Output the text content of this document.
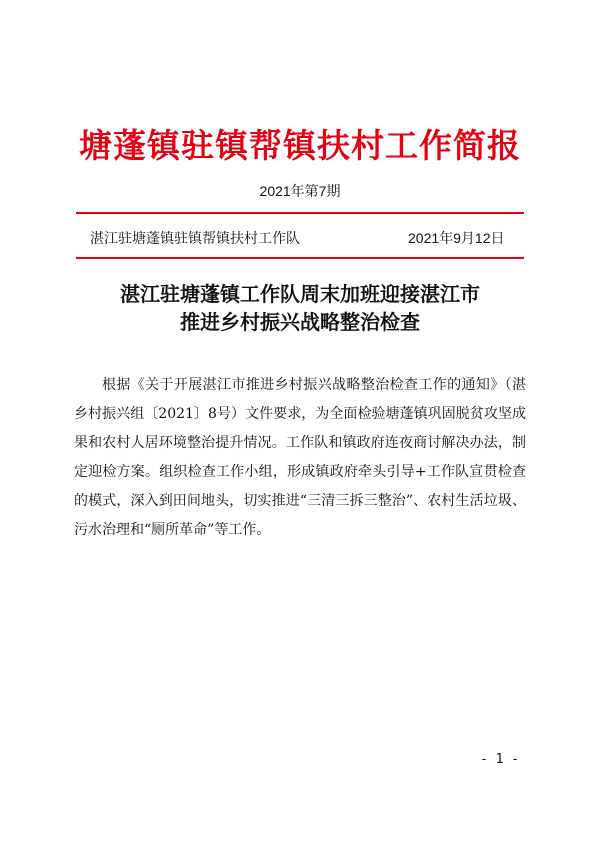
塘蓬镇驻镇帮镇扶村工作简报
2021年第7期
湛江驻塘蓬镇驻镇帮镇扶村工作队	2021年9月12日
湛江驻塘蓬镇工作队周末加班迎接湛江市
推进乡村振兴战略整治检查
根据《关于开展湛江市推进乡村振兴战略整治检查工作的通知》（湛乡村振兴组〔2021〕8号）文件要求，为全面检验塘蓬镇巩固脱贫攻坚成果和农村人居环境整治提升情况。工作队和镇政府连夜商讨解决办法，制定迎检方案。组织检查工作小组，形成镇政府牵头引导+工作队宣贯检查的模式，深入到田间地头，切实推进“三清三拆三整治”、农村生活垃圾、污水治理和“厕所革命”等工作。
- 1 -
